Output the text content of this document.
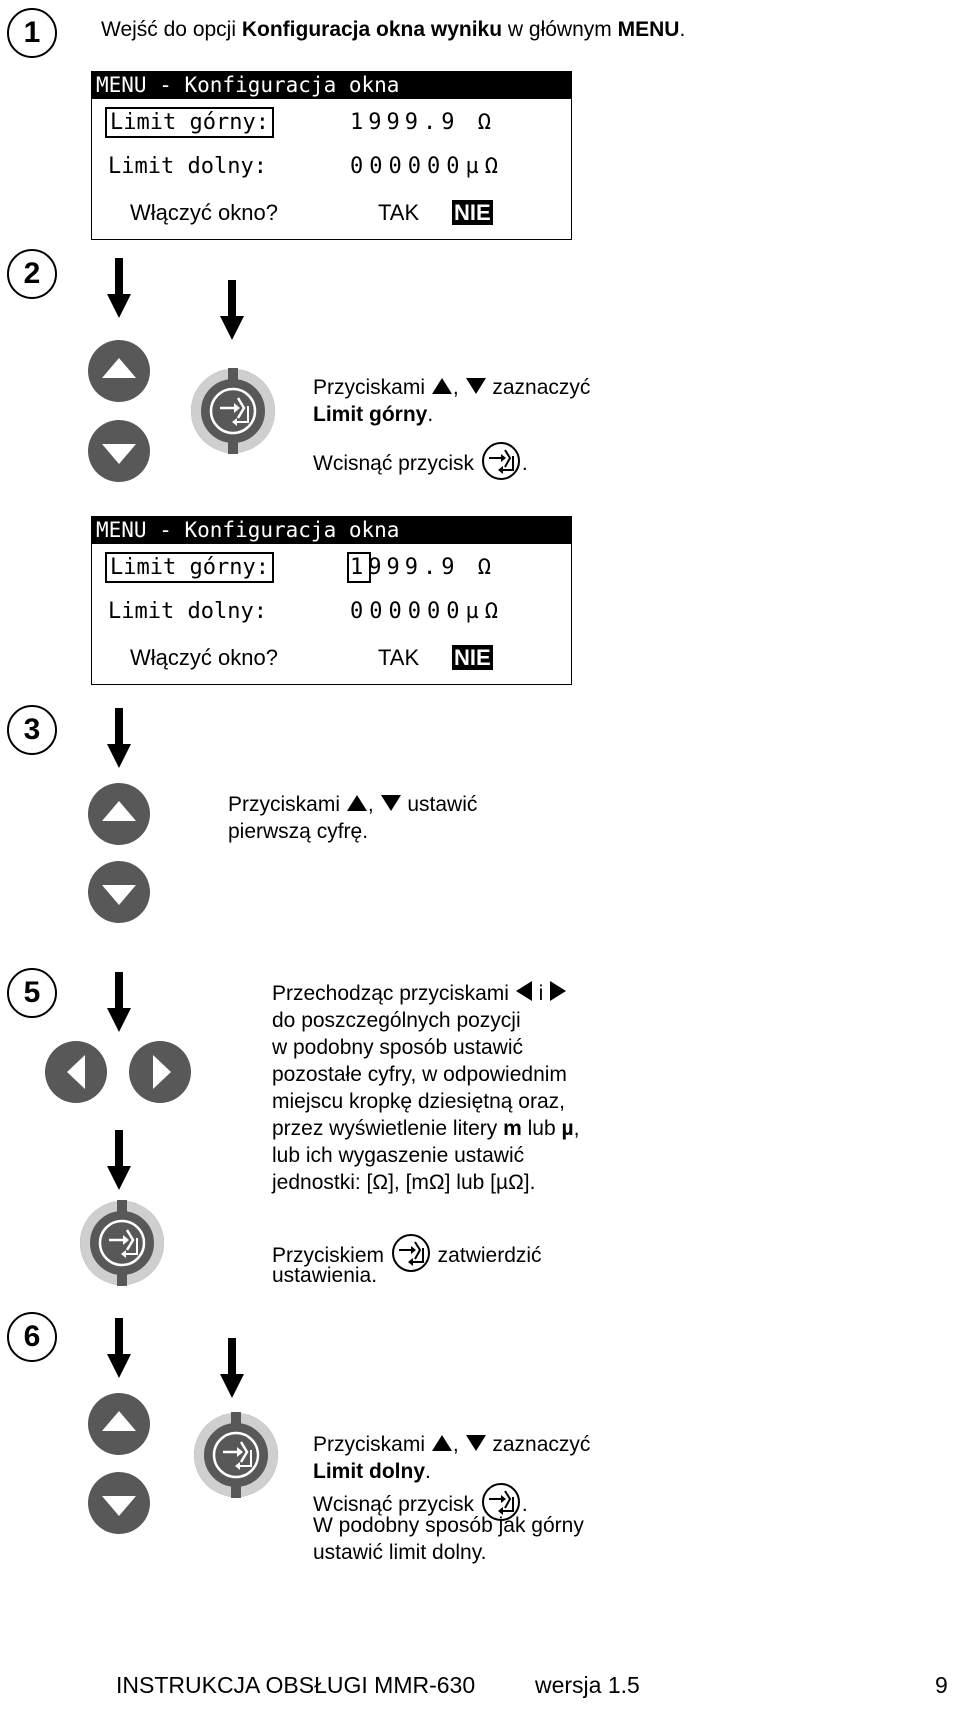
1	Wejść do opcji Konfiguracja okna wyniku w głównym MENU.
MENU - Konfiguracja okna
Limit górny:	1999.9 Ω
Limit dolny:	000000µΩ
Włączyć okno?	TAK NIE
2
Przyciskami ,  zaznaczyć
Limit górny.
Wcisnąć przycisk .
MENU - Konfiguracja okna
Limit górny:	1999.9 Ω
Limit dolny:	000000µΩ
Włączyć okno?	TAK NIE
3
Przyciskami ,  ustawić
pierwszą cyfrę.
5	Przechodząc przyciskami  i
do poszczególnych pozycji
w podobny sposób ustawić
pozostałe cyfry, w odpowiednim
miejscu kropkę dziesiętną oraz,
przez wyświetlenie litery m lub µ,
lub ich wygaszenie ustawić
jednostki: [Ω], [mΩ] lub [µΩ].
Przyciskiem  zatwierdzić
ustawienia.
6
Przyciskami ,  zaznaczyć
Limit dolny.
Wcisnąć przycisk .
W podobny sposób jak górny
ustawić limit dolny.
INSTRUKCJA OBSŁUGI MMR-630	wersja 1.5	9
